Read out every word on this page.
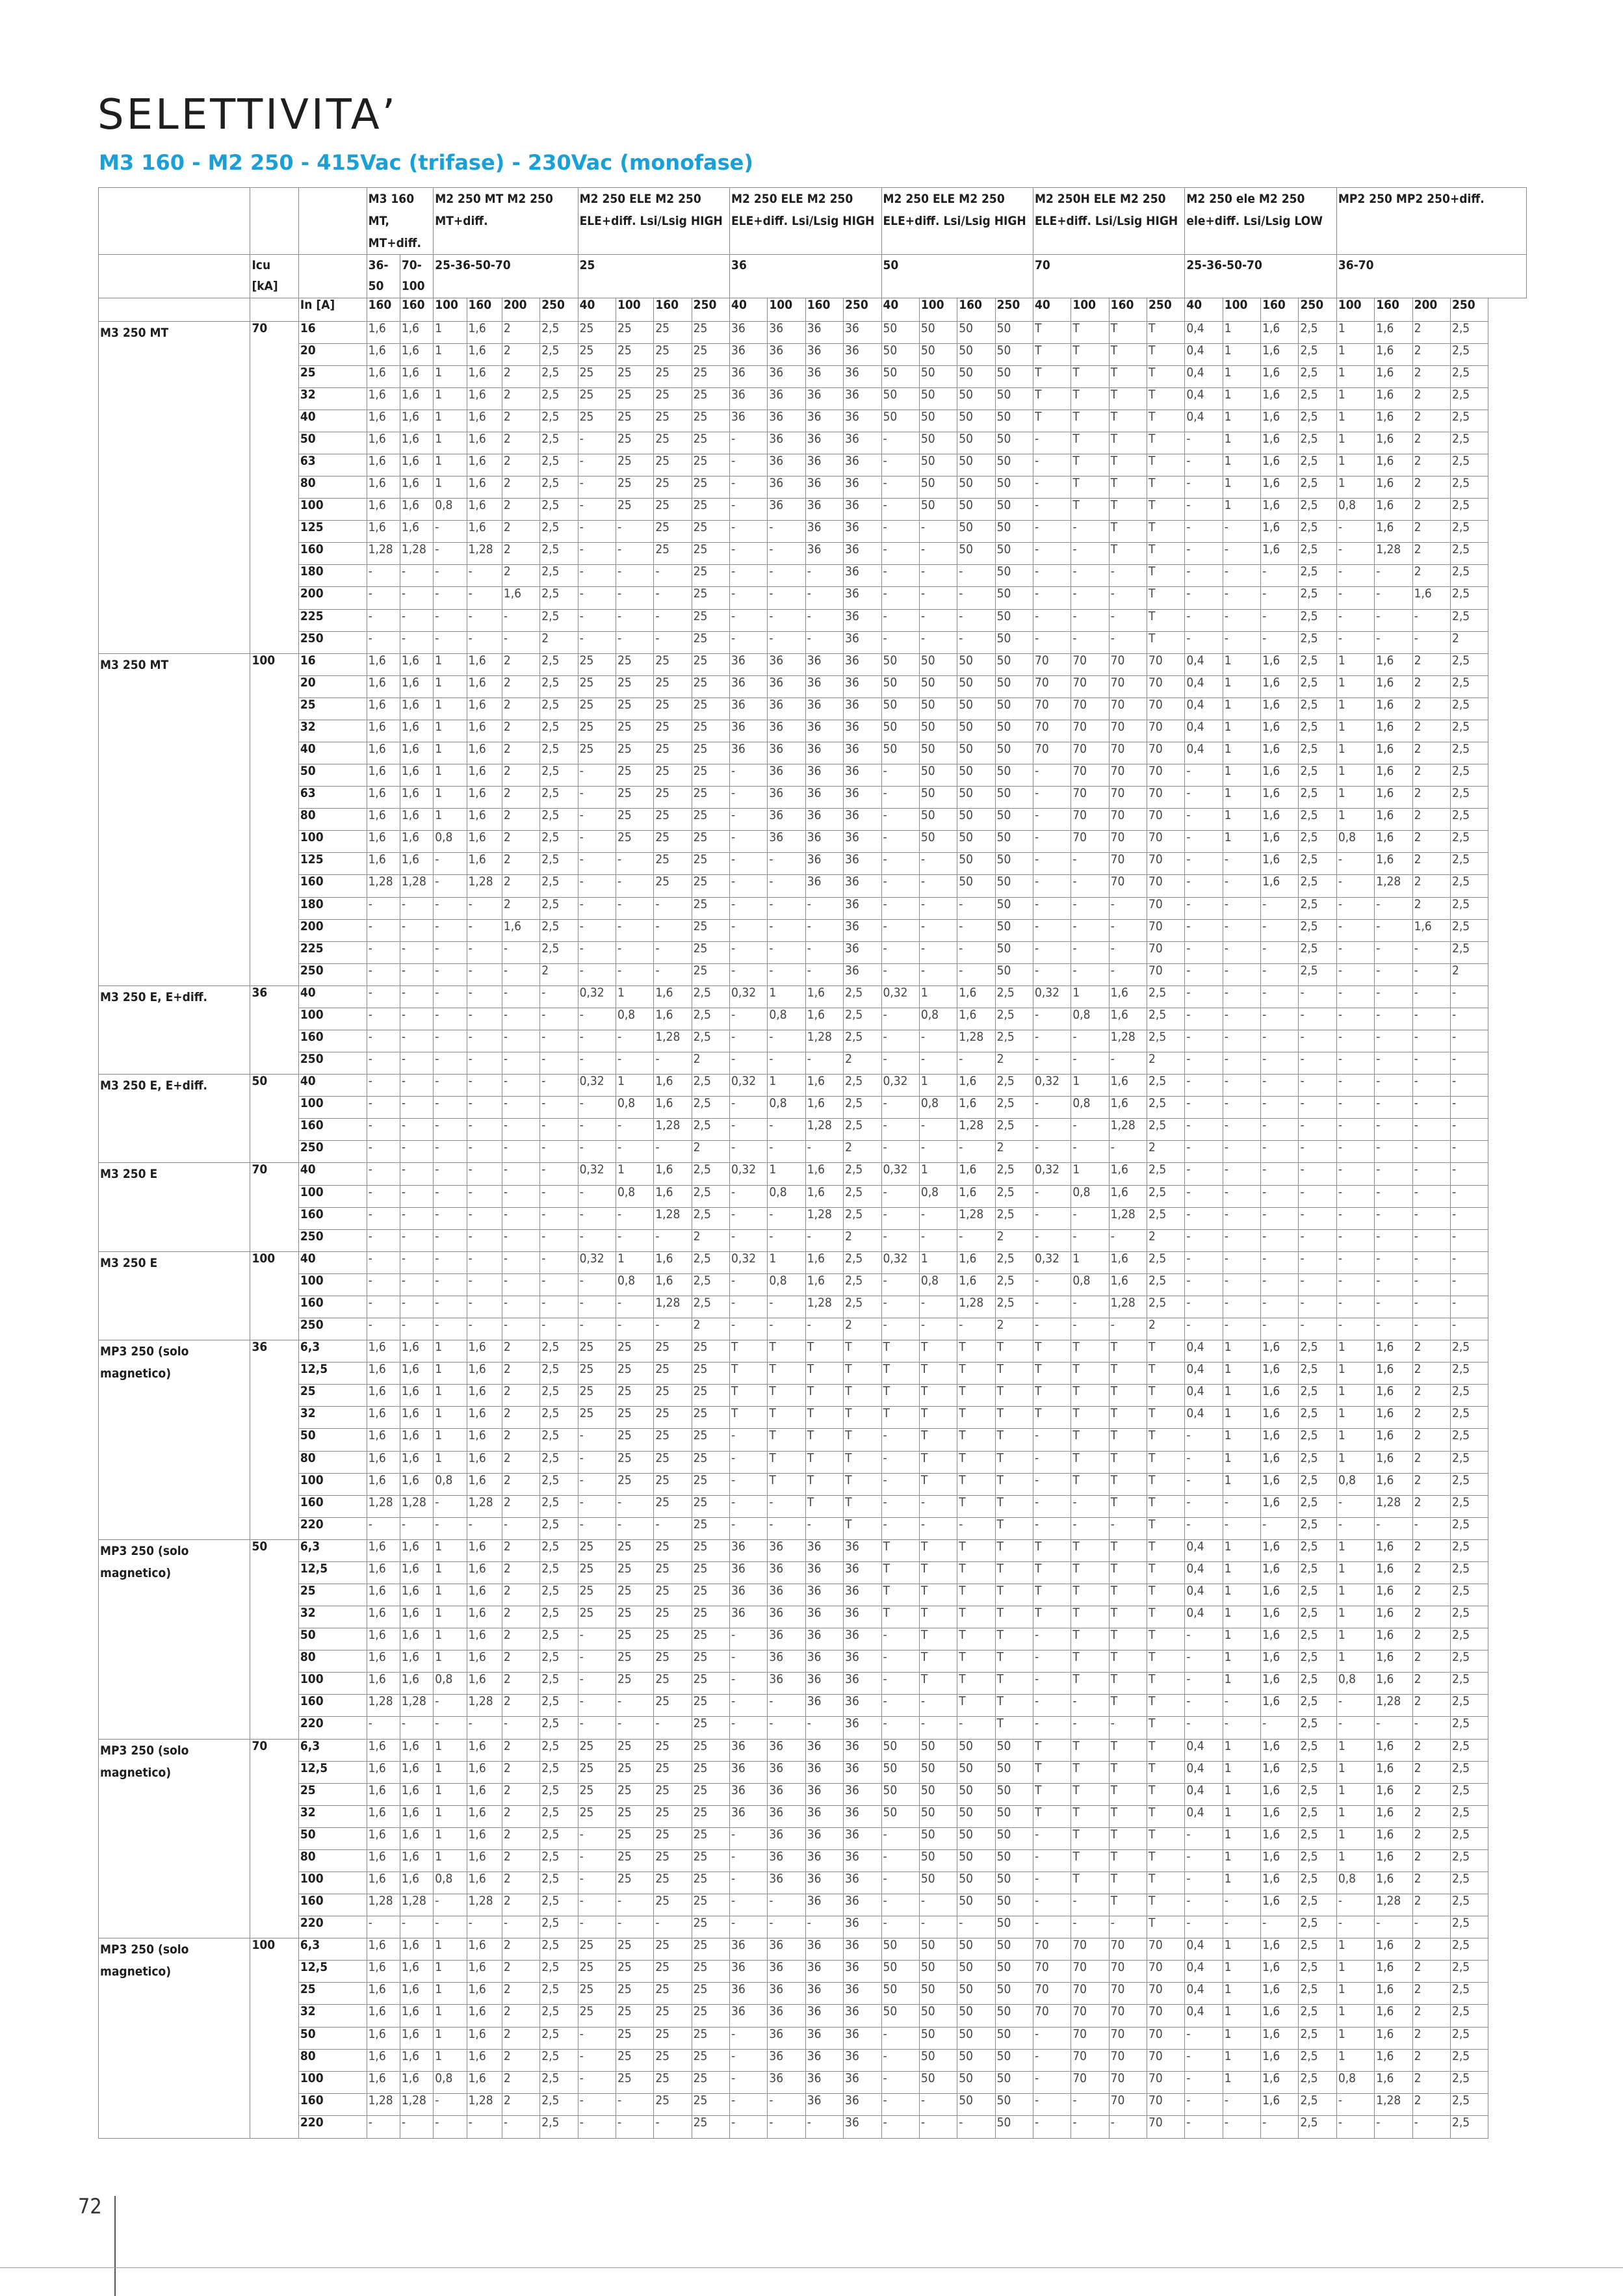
SELETTIVITA’
M3 160 - M2 250 - 415Vac (trifase) - 230Vac (monofase)
			M3 160 MT, MT+diff.		M2 250 MT M2 250 MT+diff.				M2 250 ELE M2 250 ELE+diff. Lsi/Lsig HIGH				M2 250 ELE M2 250 ELE+diff. Lsi/Lsig HIGH				M2 250 ELE M2 250 ELE+diff. Lsi/Lsig HIGH				M2 250H ELE M2 250 ELE+diff. Lsi/Lsig HIGH				M2 250 ele M2 250 ele+diff. Lsi/Lsig LOW				MP2 250 MP2 250+diff.			
	Icu [kA]		36-50	70-100	25-36-50-70				25				36				50				70				25-36-50-70				36-70			
		In [A]	160	160	100	160	200	250	40	100	160	250	40	100	160	250	40	100	160	250	40	100	160	250	40	100	160	250	100	160	200	250
M3 250 MT	70	16	1,6	1,6	1	1,6	2	2,5	25	25	25	25	36	36	36	36	50	50	50	50	T	T	T	T	0,4	1	1,6	2,5	1	1,6	2	2,5
		20	1,6	1,6	1	1,6	2	2,5	25	25	25	25	36	36	36	36	50	50	50	50	T	T	T	T	0,4	1	1,6	2,5	1	1,6	2	2,5
		25	1,6	1,6	1	1,6	2	2,5	25	25	25	25	36	36	36	36	50	50	50	50	T	T	T	T	0,4	1	1,6	2,5	1	1,6	2	2,5
		32	1,6	1,6	1	1,6	2	2,5	25	25	25	25	36	36	36	36	50	50	50	50	T	T	T	T	0,4	1	1,6	2,5	1	1,6	2	2,5
		40	1,6	1,6	1	1,6	2	2,5	25	25	25	25	36	36	36	36	50	50	50	50	T	T	T	T	0,4	1	1,6	2,5	1	1,6	2	2,5
		50	1,6	1,6	1	1,6	2	2,5	-	25	25	25	-	36	36	36	-	50	50	50	-	T	T	T	-	1	1,6	2,5	1	1,6	2	2,5
		63	1,6	1,6	1	1,6	2	2,5	-	25	25	25	-	36	36	36	-	50	50	50	-	T	T	T	-	1	1,6	2,5	1	1,6	2	2,5
		80	1,6	1,6	1	1,6	2	2,5	-	25	25	25	-	36	36	36	-	50	50	50	-	T	T	T	-	1	1,6	2,5	1	1,6	2	2,5
		100	1,6	1,6	0,8	1,6	2	2,5	-	25	25	25	-	36	36	36	-	50	50	50	-	T	T	T	-	1	1,6	2,5	0,8	1,6	2	2,5
		125	1,6	1,6	-	1,6	2	2,5	-	-	25	25	-	-	36	36	-	-	50	50	-	-	T	T	-	-	1,6	2,5	-	1,6	2	2,5
		160	1,28	1,28	-	1,28	2	2,5	-	-	25	25	-	-	36	36	-	-	50	50	-	-	T	T	-	-	1,6	2,5	-	1,28	2	2,5
		180	-	-	-	-	2	2,5	-	-	-	25	-	-	-	36	-	-	-	50	-	-	-	T	-	-	-	2,5	-	-	2	2,5
		200	-	-	-	-	1,6	2,5	-	-	-	25	-	-	-	36	-	-	-	50	-	-	-	T	-	-	-	2,5	-	-	1,6	2,5
		225	-	-	-	-	-	2,5	-	-	-	25	-	-	-	36	-	-	-	50	-	-	-	T	-	-	-	2,5	-	-	-	2,5
		250	-	-	-	-	-	2	-	-	-	25	-	-	-	36	-	-	-	50	-	-	-	T	-	-	-	2,5	-	-	-	2
M3 250 MT	100	16	1,6	1,6	1	1,6	2	2,5	25	25	25	25	36	36	36	36	50	50	50	50	70	70	70	70	0,4	1	1,6	2,5	1	1,6	2	2,5
		20	1,6	1,6	1	1,6	2	2,5	25	25	25	25	36	36	36	36	50	50	50	50	70	70	70	70	0,4	1	1,6	2,5	1	1,6	2	2,5
		25	1,6	1,6	1	1,6	2	2,5	25	25	25	25	36	36	36	36	50	50	50	50	70	70	70	70	0,4	1	1,6	2,5	1	1,6	2	2,5
		32	1,6	1,6	1	1,6	2	2,5	25	25	25	25	36	36	36	36	50	50	50	50	70	70	70	70	0,4	1	1,6	2,5	1	1,6	2	2,5
		40	1,6	1,6	1	1,6	2	2,5	25	25	25	25	36	36	36	36	50	50	50	50	70	70	70	70	0,4	1	1,6	2,5	1	1,6	2	2,5
		50	1,6	1,6	1	1,6	2	2,5	-	25	25	25	-	36	36	36	-	50	50	50	-	70	70	70	-	1	1,6	2,5	1	1,6	2	2,5
		63	1,6	1,6	1	1,6	2	2,5	-	25	25	25	-	36	36	36	-	50	50	50	-	70	70	70	-	1	1,6	2,5	1	1,6	2	2,5
		80	1,6	1,6	1	1,6	2	2,5	-	25	25	25	-	36	36	36	-	50	50	50	-	70	70	70	-	1	1,6	2,5	1	1,6	2	2,5
		100	1,6	1,6	0,8	1,6	2	2,5	-	25	25	25	-	36	36	36	-	50	50	50	-	70	70	70	-	1	1,6	2,5	0,8	1,6	2	2,5
		125	1,6	1,6	-	1,6	2	2,5	-	-	25	25	-	-	36	36	-	-	50	50	-	-	70	70	-	-	1,6	2,5	-	1,6	2	2,5
		160	1,28	1,28	-	1,28	2	2,5	-	-	25	25	-	-	36	36	-	-	50	50	-	-	70	70	-	-	1,6	2,5	-	1,28	2	2,5
		180	-	-	-	-	2	2,5	-	-	-	25	-	-	-	36	-	-	-	50	-	-	-	70	-	-	-	2,5	-	-	2	2,5
		200	-	-	-	-	1,6	2,5	-	-	-	25	-	-	-	36	-	-	-	50	-	-	-	70	-	-	-	2,5	-	-	1,6	2,5
		225	-	-	-	-	-	2,5	-	-	-	25	-	-	-	36	-	-	-	50	-	-	-	70	-	-	-	2,5	-	-	-	2,5
		250	-	-	-	-	-	2	-	-	-	25	-	-	-	36	-	-	-	50	-	-	-	70	-	-	-	2,5	-	-	-	2
M3 250 E, E+diff.	36	40	-	-	-	-	-	-	0,32	1	1,6	2,5	0,32	1	1,6	2,5	0,32	1	1,6	2,5	0,32	1	1,6	2,5	-	-	-	-	-	-	-	-
		100	-	-	-	-	-	-	-	0,8	1,6	2,5	-	0,8	1,6	2,5	-	0,8	1,6	2,5	-	0,8	1,6	2,5	-	-	-	-	-	-	-	-
		160	-	-	-	-	-	-	-	-	1,28	2,5	-	-	1,28	2,5	-	-	1,28	2,5	-	-	1,28	2,5	-	-	-	-	-	-	-	-
		250	-	-	-	-	-	-	-	-	-	2	-	-	-	2	-	-	-	2	-	-	-	2	-	-	-	-	-	-	-	-
M3 250 E, E+diff.	50	40	-	-	-	-	-	-	0,32	1	1,6	2,5	0,32	1	1,6	2,5	0,32	1	1,6	2,5	0,32	1	1,6	2,5	-	-	-	-	-	-	-	-
		100	-	-	-	-	-	-	-	0,8	1,6	2,5	-	0,8	1,6	2,5	-	0,8	1,6	2,5	-	0,8	1,6	2,5	-	-	-	-	-	-	-	-
		160	-	-	-	-	-	-	-	-	1,28	2,5	-	-	1,28	2,5	-	-	1,28	2,5	-	-	1,28	2,5	-	-	-	-	-	-	-	-
		250	-	-	-	-	-	-	-	-	-	2	-	-	-	2	-	-	-	2	-	-	-	2	-	-	-	-	-	-	-	-
M3 250 E	70	40	-	-	-	-	-	-	0,32	1	1,6	2,5	0,32	1	1,6	2,5	0,32	1	1,6	2,5	0,32	1	1,6	2,5	-	-	-	-	-	-	-	-
		100	-	-	-	-	-	-	-	0,8	1,6	2,5	-	0,8	1,6	2,5	-	0,8	1,6	2,5	-	0,8	1,6	2,5	-	-	-	-	-	-	-	-
		160	-	-	-	-	-	-	-	-	1,28	2,5	-	-	1,28	2,5	-	-	1,28	2,5	-	-	1,28	2,5	-	-	-	-	-	-	-	-
		250	-	-	-	-	-	-	-	-	-	2	-	-	-	2	-	-	-	2	-	-	-	2	-	-	-	-	-	-	-	-
M3 250 E	100	40	-	-	-	-	-	-	0,32	1	1,6	2,5	0,32	1	1,6	2,5	0,32	1	1,6	2,5	0,32	1	1,6	2,5	-	-	-	-	-	-	-	-
		100	-	-	-	-	-	-	-	0,8	1,6	2,5	-	0,8	1,6	2,5	-	0,8	1,6	2,5	-	0,8	1,6	2,5	-	-	-	-	-	-	-	-
		160	-	-	-	-	-	-	-	-	1,28	2,5	-	-	1,28	2,5	-	-	1,28	2,5	-	-	1,28	2,5	-	-	-	-	-	-	-	-
		250	-	-	-	-	-	-	-	-	-	2	-	-	-	2	-	-	-	2	-	-	-	2	-	-	-	-	-	-	-	-
MP3 250 (solo magnetico)	36	6,3	1,6	1,6	1	1,6	2	2,5	25	25	25	25	T	T	T	T	T	T	T	T	T	T	T	T	0,4	1	1,6	2,5	1	1,6	2	2,5
		12,5	1,6	1,6	1	1,6	2	2,5	25	25	25	25	T	T	T	T	T	T	T	T	T	T	T	T	0,4	1	1,6	2,5	1	1,6	2	2,5
		25	1,6	1,6	1	1,6	2	2,5	25	25	25	25	T	T	T	T	T	T	T	T	T	T	T	T	0,4	1	1,6	2,5	1	1,6	2	2,5
		32	1,6	1,6	1	1,6	2	2,5	25	25	25	25	T	T	T	T	T	T	T	T	T	T	T	T	0,4	1	1,6	2,5	1	1,6	2	2,5
		50	1,6	1,6	1	1,6	2	2,5	-	25	25	25	-	T	T	T	-	T	T	T	-	T	T	T	-	1	1,6	2,5	1	1,6	2	2,5
		80	1,6	1,6	1	1,6	2	2,5	-	25	25	25	-	T	T	T	-	T	T	T	-	T	T	T	-	1	1,6	2,5	1	1,6	2	2,5
		100	1,6	1,6	0,8	1,6	2	2,5	-	25	25	25	-	T	T	T	-	T	T	T	-	T	T	T	-	1	1,6	2,5	0,8	1,6	2	2,5
		160	1,28	1,28	-	1,28	2	2,5	-	-	25	25	-	-	T	T	-	-	T	T	-	-	T	T	-	-	1,6	2,5	-	1,28	2	2,5
		220	-	-	-	-	-	2,5	-	-	-	25	-	-	-	T	-	-	-	T	-	-	-	T	-	-	-	2,5	-	-	-	2,5
MP3 250 (solo magnetico)	50	6,3	1,6	1,6	1	1,6	2	2,5	25	25	25	25	36	36	36	36	T	T	T	T	T	T	T	T	0,4	1	1,6	2,5	1	1,6	2	2,5
		12,5	1,6	1,6	1	1,6	2	2,5	25	25	25	25	36	36	36	36	T	T	T	T	T	T	T	T	0,4	1	1,6	2,5	1	1,6	2	2,5
		25	1,6	1,6	1	1,6	2	2,5	25	25	25	25	36	36	36	36	T	T	T	T	T	T	T	T	0,4	1	1,6	2,5	1	1,6	2	2,5
		32	1,6	1,6	1	1,6	2	2,5	25	25	25	25	36	36	36	36	T	T	T	T	T	T	T	T	0,4	1	1,6	2,5	1	1,6	2	2,5
		50	1,6	1,6	1	1,6	2	2,5	-	25	25	25	-	36	36	36	-	T	T	T	-	T	T	T	-	1	1,6	2,5	1	1,6	2	2,5
		80	1,6	1,6	1	1,6	2	2,5	-	25	25	25	-	36	36	36	-	T	T	T	-	T	T	T	-	1	1,6	2,5	1	1,6	2	2,5
		100	1,6	1,6	0,8	1,6	2	2,5	-	25	25	25	-	36	36	36	-	T	T	T	-	T	T	T	-	1	1,6	2,5	0,8	1,6	2	2,5
		160	1,28	1,28	-	1,28	2	2,5	-	-	25	25	-	-	36	36	-	-	T	T	-	-	T	T	-	-	1,6	2,5	-	1,28	2	2,5
		220	-	-	-	-	-	2,5	-	-	-	25	-	-	-	36	-	-	-	T	-	-	-	T	-	-	-	2,5	-	-	-	2,5
MP3 250 (solo magnetico)	70	6,3	1,6	1,6	1	1,6	2	2,5	25	25	25	25	36	36	36	36	50	50	50	50	T	T	T	T	0,4	1	1,6	2,5	1	1,6	2	2,5
		12,5	1,6	1,6	1	1,6	2	2,5	25	25	25	25	36	36	36	36	50	50	50	50	T	T	T	T	0,4	1	1,6	2,5	1	1,6	2	2,5
		25	1,6	1,6	1	1,6	2	2,5	25	25	25	25	36	36	36	36	50	50	50	50	T	T	T	T	0,4	1	1,6	2,5	1	1,6	2	2,5
		32	1,6	1,6	1	1,6	2	2,5	25	25	25	25	36	36	36	36	50	50	50	50	T	T	T	T	0,4	1	1,6	2,5	1	1,6	2	2,5
		50	1,6	1,6	1	1,6	2	2,5	-	25	25	25	-	36	36	36	-	50	50	50	-	T	T	T	-	1	1,6	2,5	1	1,6	2	2,5
		80	1,6	1,6	1	1,6	2	2,5	-	25	25	25	-	36	36	36	-	50	50	50	-	T	T	T	-	1	1,6	2,5	1	1,6	2	2,5
		100	1,6	1,6	0,8	1,6	2	2,5	-	25	25	25	-	36	36	36	-	50	50	50	-	T	T	T	-	1	1,6	2,5	0,8	1,6	2	2,5
		160	1,28	1,28	-	1,28	2	2,5	-	-	25	25	-	-	36	36	-	-	50	50	-	-	T	T	-	-	1,6	2,5	-	1,28	2	2,5
		220	-	-	-	-	-	2,5	-	-	-	25	-	-	-	36	-	-	-	50	-	-	-	T	-	-	-	2,5	-	-	-	2,5
MP3 250 (solo magnetico)	100	6,3	1,6	1,6	1	1,6	2	2,5	25	25	25	25	36	36	36	36	50	50	50	50	70	70	70	70	0,4	1	1,6	2,5	1	1,6	2	2,5
		12,5	1,6	1,6	1	1,6	2	2,5	25	25	25	25	36	36	36	36	50	50	50	50	70	70	70	70	0,4	1	1,6	2,5	1	1,6	2	2,5
		25	1,6	1,6	1	1,6	2	2,5	25	25	25	25	36	36	36	36	50	50	50	50	70	70	70	70	0,4	1	1,6	2,5	1	1,6	2	2,5
		32	1,6	1,6	1	1,6	2	2,5	25	25	25	25	36	36	36	36	50	50	50	50	70	70	70	70	0,4	1	1,6	2,5	1	1,6	2	2,5
		50	1,6	1,6	1	1,6	2	2,5	-	25	25	25	-	36	36	36	-	50	50	50	-	70	70	70	-	1	1,6	2,5	1	1,6	2	2,5
		80	1,6	1,6	1	1,6	2	2,5	-	25	25	25	-	36	36	36	-	50	50	50	-	70	70	70	-	1	1,6	2,5	1	1,6	2	2,5
		100	1,6	1,6	0,8	1,6	2	2,5	-	25	25	25	-	36	36	36	-	50	50	50	-	70	70	70	-	1	1,6	2,5	0,8	1,6	2	2,5
		160	1,28	1,28	-	1,28	2	2,5	-	-	25	25	-	-	36	36	-	-	50	50	-	-	70	70	-	-	1,6	2,5	-	1,28	2	2,5
		220	-	-	-	-	-	2,5	-	-	-	25	-	-	-	36	-	-	-	50	-	-	-	70	-	-	-	2,5	-	-	-	2,5
72
